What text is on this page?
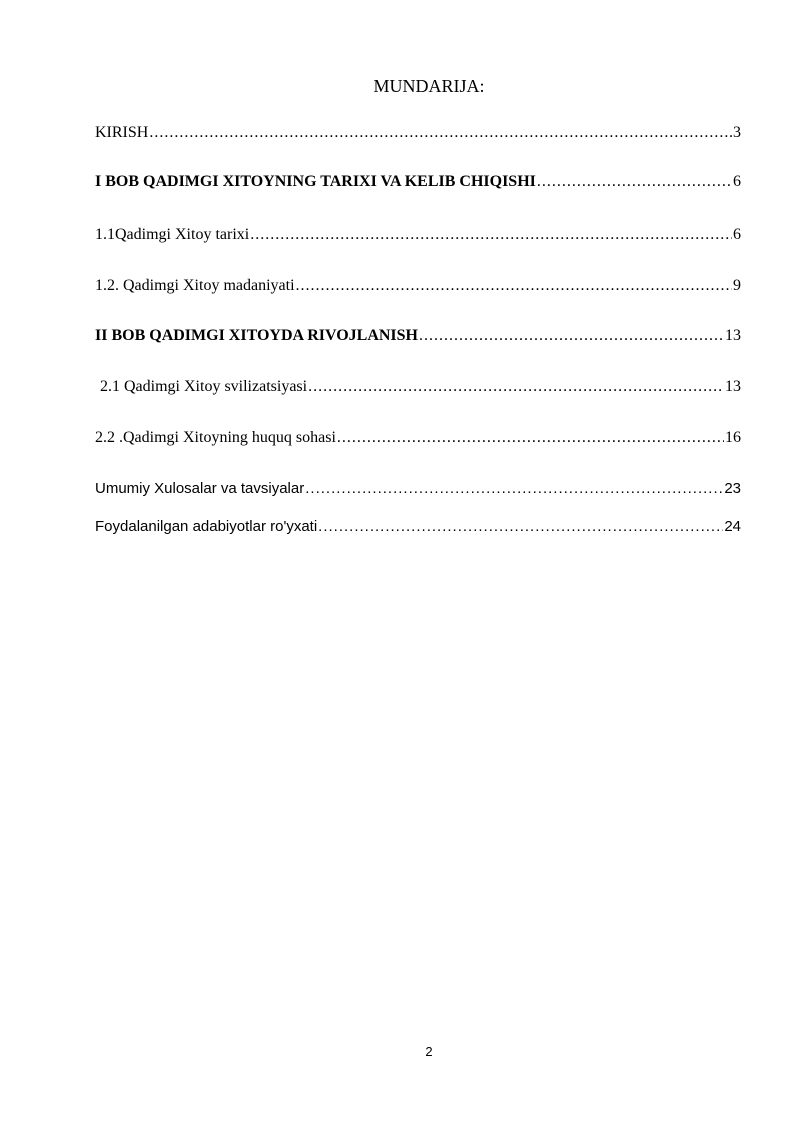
MUNDARIJA:
KIRISH .....	.3
I BOB QADIMGI XITOYNING TARIXI VA KELIB CHIQISHI .....	6
1.1Qadimgi Xitoy tarixi .....	6
1.2. Qadimgi Xitoy madaniyati .....	9
II BOB QADIMGI XITOYDA RIVOJLANISH .....	13
2.1 Qadimgi Xitoy svilizatsiyasi .....	13
2.2 .Qadimgi Xitoyning huquq sohasi .....	16
Umumiy Xulosalar va tavsiyalar .....	23
Foydalanilgan adabiyotlar ro'yxati .....	24
2
